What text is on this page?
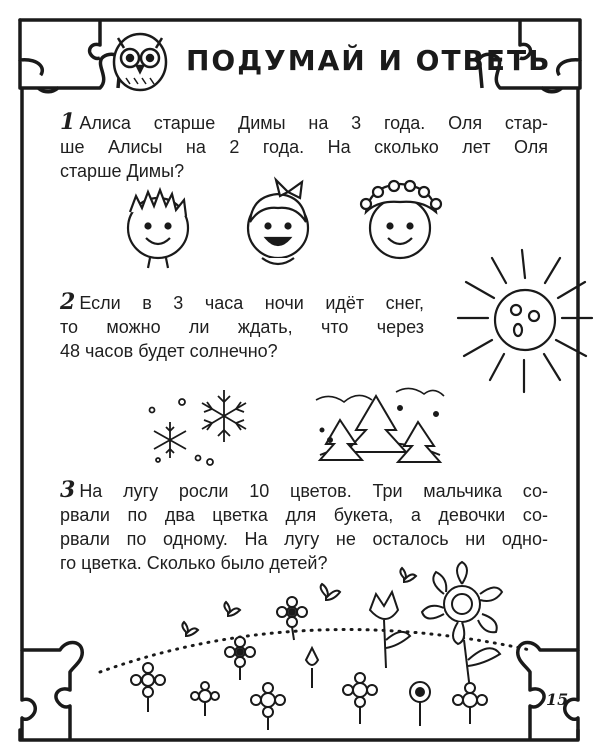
ПОДУМАЙ И ОТВЕТЬ
1 Алиса старше Димы на 3 года. Оля стар-
ше Алисы на 2 года. На сколько лет Оля
старше Димы?
2 Если в 3 часа ночи идёт снег,
то можно ли ждать, что через
48 часов будет солнечно?
3 На лугу росли 10 цветов. Три мальчика со-
рвали по два цветка для букета, а девочки со-
рвали по одному. На лугу не осталось ни одно-
го цветка. Сколько было детей?
15
